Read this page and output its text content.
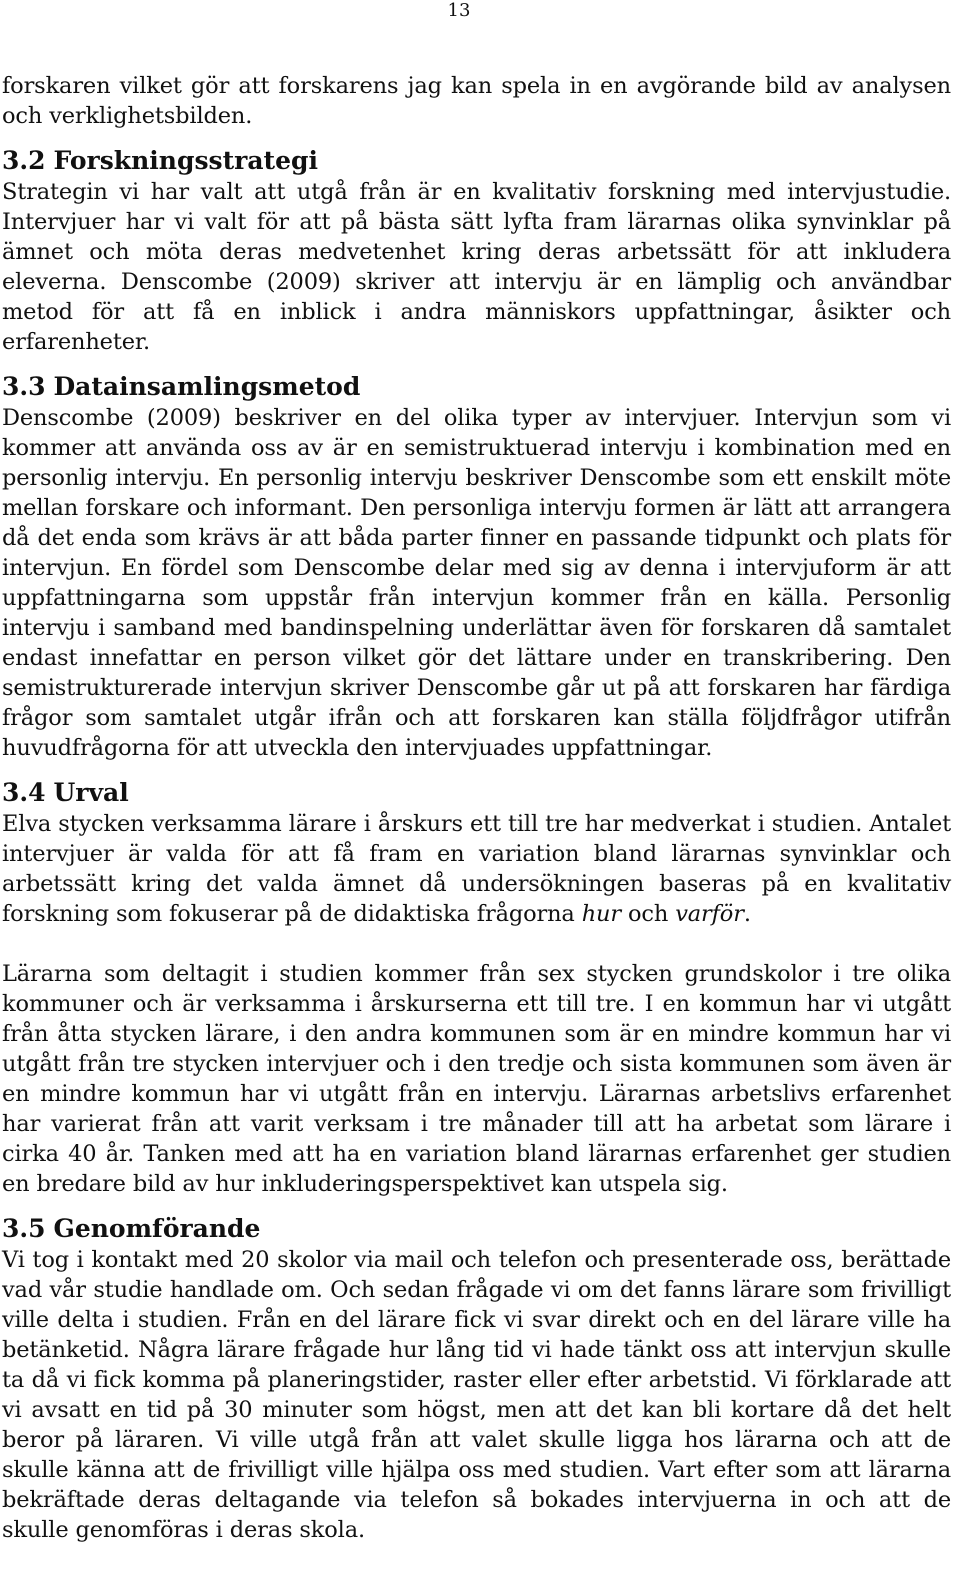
13

forskaren vilket gör att forskarens jag kan spela in en avgörande bild av analysen och verklighetsbilden.

3.2 Forskningsstrategi

Strategin vi har valt att utgå från är en kvalitativ forskning med intervjustudie. Intervjuer har vi valt för att på bästa sätt lyfta fram lärarnas olika synvinklar på ämnet och möta deras medvetenhet kring deras arbetssätt för att inkludera eleverna. Denscombe (2009) skriver att intervju är en lämplig och användbar metod för att få en inblick i andra människors uppfattningar, åsikter och erfarenheter.

3.3 Datainsamlingsmetod

Denscombe (2009) beskriver en del olika typer av intervjuer. Intervjun som vi kommer att använda oss av är en semistruktuerad intervju i kombination med en personlig intervju. En personlig intervju beskriver Denscombe som ett enskilt möte mellan forskare och informant. Den personliga intervju formen är lätt att arrangera då det enda som krävs är att båda parter finner en passande tidpunkt och plats för intervjun. En fördel som Denscombe delar med sig av denna i intervjuform är att uppfattningarna som uppstår från intervjun kommer från en källa. Personlig intervju i samband med bandinspelning underlättar även för forskaren då samtalet endast innefattar en person vilket gör det lättare under en transkribering. Den semistrukturerade intervjun skriver Denscombe går ut på att forskaren har färdiga frågor som samtalet utgår ifrån och att forskaren kan ställa följdfrågor utifrån huvudfrågorna för att utveckla den intervjuades uppfattningar.

3.4 Urval

Elva stycken verksamma lärare i årskurs ett till tre har medverkat i studien. Antalet intervjuer är valda för att få fram en variation bland lärarnas synvinklar och arbetssätt kring det valda ämnet då undersökningen baseras på en kvalitativ forskning som fokuserar på de didaktiska frågorna hur och varför.

Lärarna som deltagit i studien kommer från sex stycken grundskolor i tre olika kommuner och är verksamma i årskurserna ett till tre. I en kommun har vi utgått från åtta stycken lärare, i den andra kommunen som är en mindre kommun har vi utgått från tre stycken intervjuer och i den tredje och sista kommunen som även är en mindre kommun har vi utgått från en intervju. Lärarnas arbetslivs erfarenhet har varierat från att varit verksam i tre månader till att ha arbetat som lärare i cirka 40 år. Tanken med att ha en variation bland lärarnas erfarenhet ger studien en bredare bild av hur inkluderingsperspektivet kan utspela sig.

3.5 Genomförande

Vi tog i kontakt med 20 skolor via mail och telefon och presenterade oss, berättade vad vår studie handlade om. Och sedan frågade vi om det fanns lärare som frivilligt ville delta i studien. Från en del lärare fick vi svar direkt och en del lärare ville ha betänketid. Några lärare frågade hur lång tid vi hade tänkt oss att intervjun skulle ta då vi fick komma på planeringstider, raster eller efter arbetstid. Vi förklarade att vi avsatt en tid på 30 minuter som högst, men att det kan bli kortare då det helt beror på läraren. Vi ville utgå från att valet skulle ligga hos lärarna och att de skulle känna att de frivilligt ville hjälpa oss med studien. Vart efter som att lärarna bekräftade deras deltagande via telefon så bokades intervjuerna in och att de skulle genomföras i deras skola.
